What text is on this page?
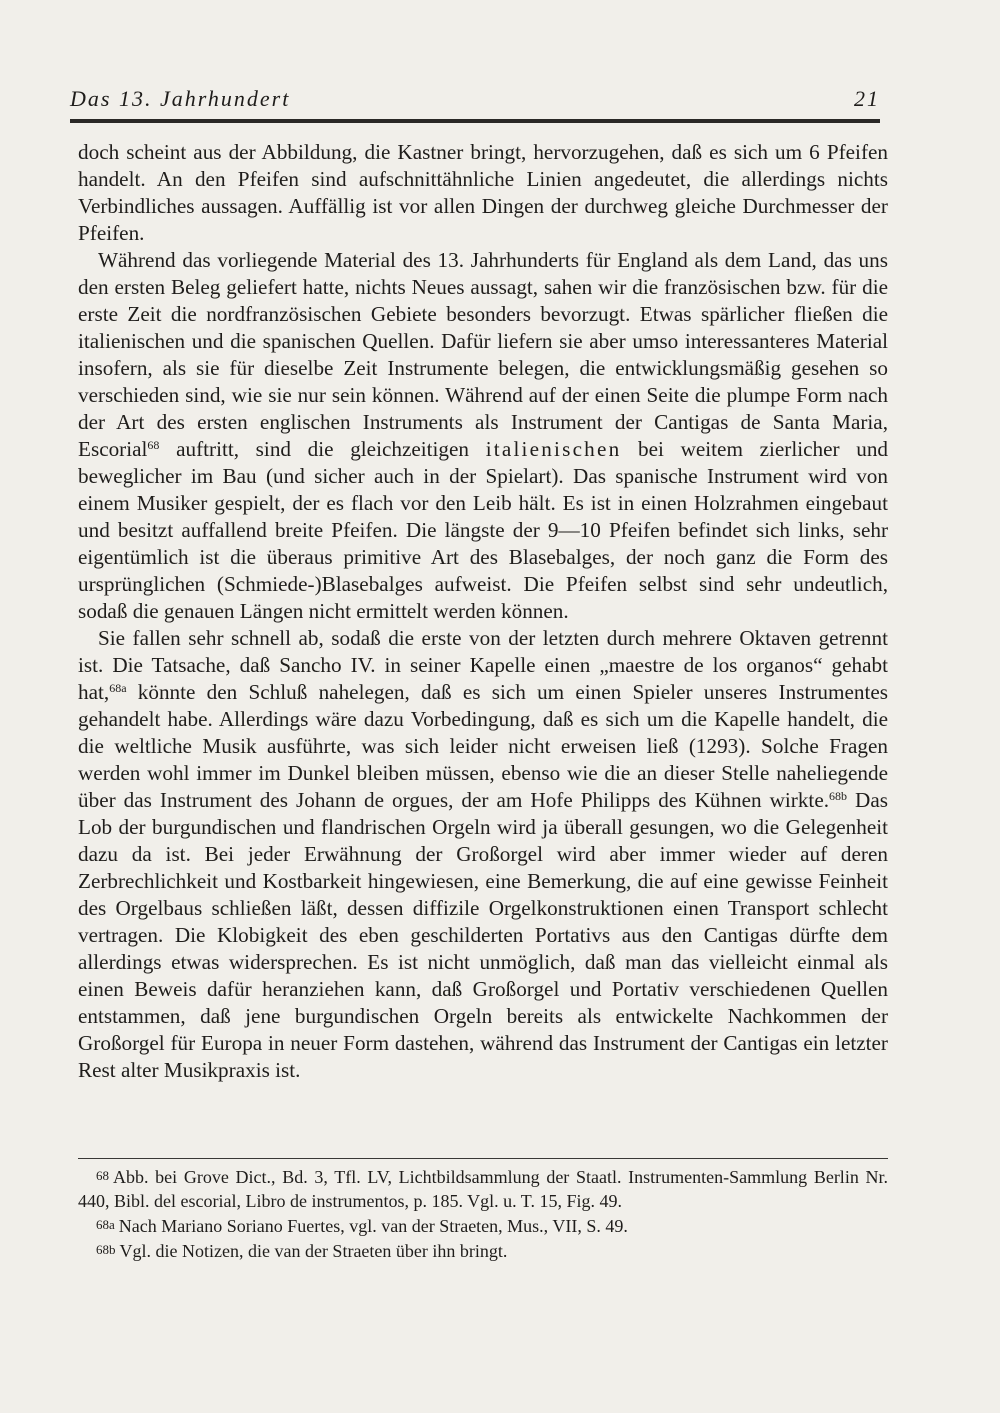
Das 13. Jahrhundert	21

doch scheint aus der Abbildung, die Kastner bringt, hervorzugehen, daß es sich um 6 Pfeifen handelt. An den Pfeifen sind aufschnittähnliche Linien angedeutet, die allerdings nichts Verbindliches aussagen. Auffällig ist vor allen Dingen der durchweg gleiche Durchmesser der Pfeifen.

Während das vorliegende Material des 13. Jahrhunderts für England als dem Land, das uns den ersten Beleg geliefert hatte, nichts Neues aussagt, sahen wir die französischen bzw. für die erste Zeit die nordfranzösischen Gebiete besonders bevorzugt. Etwas spärlicher fließen die italienischen und die spanischen Quellen. Dafür liefern sie aber umso interessanteres Material insofern, als sie für dieselbe Zeit Instrumente belegen, die entwicklungsmäßig gesehen so verschieden sind, wie sie nur sein können. Während auf der einen Seite die plumpe Form nach der Art des ersten englischen Instruments als Instrument der Cantigas de Santa Maria, Escorial$^{68}$ auftritt, sind die gleichzeitigen italienischen bei weitem zierlicher und beweglicher im Bau (und sicher auch in der Spielart). Das spanische Instrument wird von einem Musiker gespielt, der es flach vor den Leib hält. Es ist in einen Holzrahmen eingebaut und besitzt auffallend breite Pfeifen. Die längste der 9—10 Pfeifen befindet sich links, sehr eigentümlich ist die überaus primitive Art des Blasebalges, der noch ganz die Form des ursprünglichen (Schmiede-)Blasebalges aufweist. Die Pfeifen selbst sind sehr undeutlich, sodaß die genauen Längen nicht ermittelt werden können.

Sie fallen sehr schnell ab, sodaß die erste von der letzten durch mehrere Oktaven getrennt ist. Die Tatsache, daß Sancho IV. in seiner Kapelle einen „maestre de los organos“ gehabt hat,$^{68a}$ könnte den Schluß nahelegen, daß es sich um einen Spieler unseres Instrumentes gehandelt habe. Allerdings wäre dazu Vorbedingung, daß es sich um die Kapelle handelt, die die weltliche Musik ausführte, was sich leider nicht erweisen ließ (1293). Solche Fragen werden wohl immer im Dunkel bleiben müssen, ebenso wie die an dieser Stelle naheliegende über das Instrument des Johann de orgues, der am Hofe Philipps des Kühnen wirkte.$^{68b}$ Das Lob der burgundischen und flandrischen Orgeln wird ja überall gesungen, wo die Gelegenheit dazu da ist. Bei jeder Erwähnung der Großorgel wird aber immer wieder auf deren Zerbrechlichkeit und Kostbarkeit hingewiesen, eine Bemerkung, die auf eine gewisse Feinheit des Orgelbaus schließen läßt, dessen diffizile Orgelkonstruktionen einen Transport schlecht vertragen. Die Klobigkeit des eben geschilderten Portativs aus den Cantigas dürfte dem allerdings etwas widersprechen. Es ist nicht unmöglich, daß man das vielleicht einmal als einen Beweis dafür heranziehen kann, daß Großorgel und Portativ verschiedenen Quellen entstammen, daß jene burgundischen Orgeln bereits als entwickelte Nachkommen der Großorgel für Europa in neuer Form dastehen, während das Instrument der Cantigas ein letzter Rest alter Musikpraxis ist.

68 Abb. bei Grove Dict., Bd. 3, Tfl. LV, Lichtbildsammlung der Staatl. Instrumenten-Sammlung Berlin Nr. 440, Bibl. del escorial, Libro de instrumentos, p. 185. Vgl. u. T. 15, Fig. 49.

68a Nach Mariano Soriano Fuertes, vgl. van der Straeten, Mus., VII, S. 49.

68b Vgl. die Notizen, die van der Straeten über ihn bringt.
